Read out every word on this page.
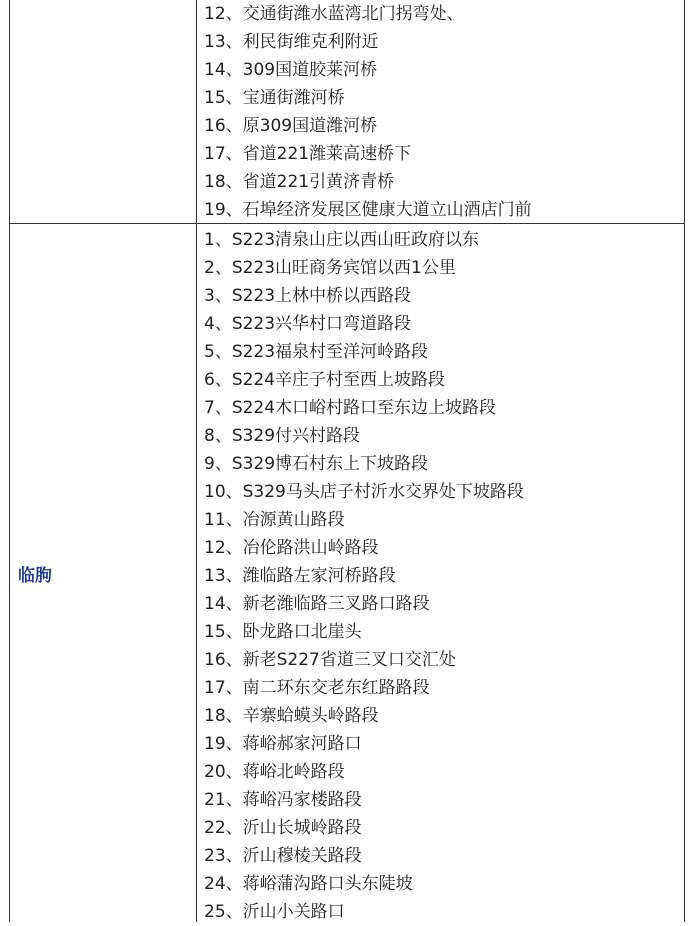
12、交通街潍水蓝湾北门拐弯处、
13、利民街维克利附近
14、309国道胶莱河桥
15、宝通街潍河桥
16、原309国道潍河桥
17、省道221潍莱高速桥下
18、省道221引黄济青桥
19、石埠经济发展区健康大道立山酒店门前
临朐
1、S223清泉山庄以西山旺政府以东
2、S223山旺商务宾馆以西1公里
3、S223上林中桥以西路段
4、S223兴华村口弯道路段
5、S223福泉村至洋河岭路段
6、S224辛庄子村至西上坡路段
7、S224木口峪村路口至东边上坡路段
8、S329付兴村路段
9、S329博石村东上下坡路段
10、S329马头店子村沂水交界处下坡路段
11、冶源黄山路段
12、冶伦路洪山岭路段
13、潍临路左家河桥路段
14、新老潍临路三叉路口路段
15、卧龙路口北崖头
16、新老S227省道三叉口交汇处
17、南二环东交老东红路路段
18、辛寨蛤蟆头岭路段
19、蒋峪郝家河路口
20、蒋峪北岭路段
21、蒋峪冯家楼路段
22、沂山长城岭路段
23、沂山穆棱关路段
24、蒋峪蒲沟路口头东陡坡
25、沂山小关路口
